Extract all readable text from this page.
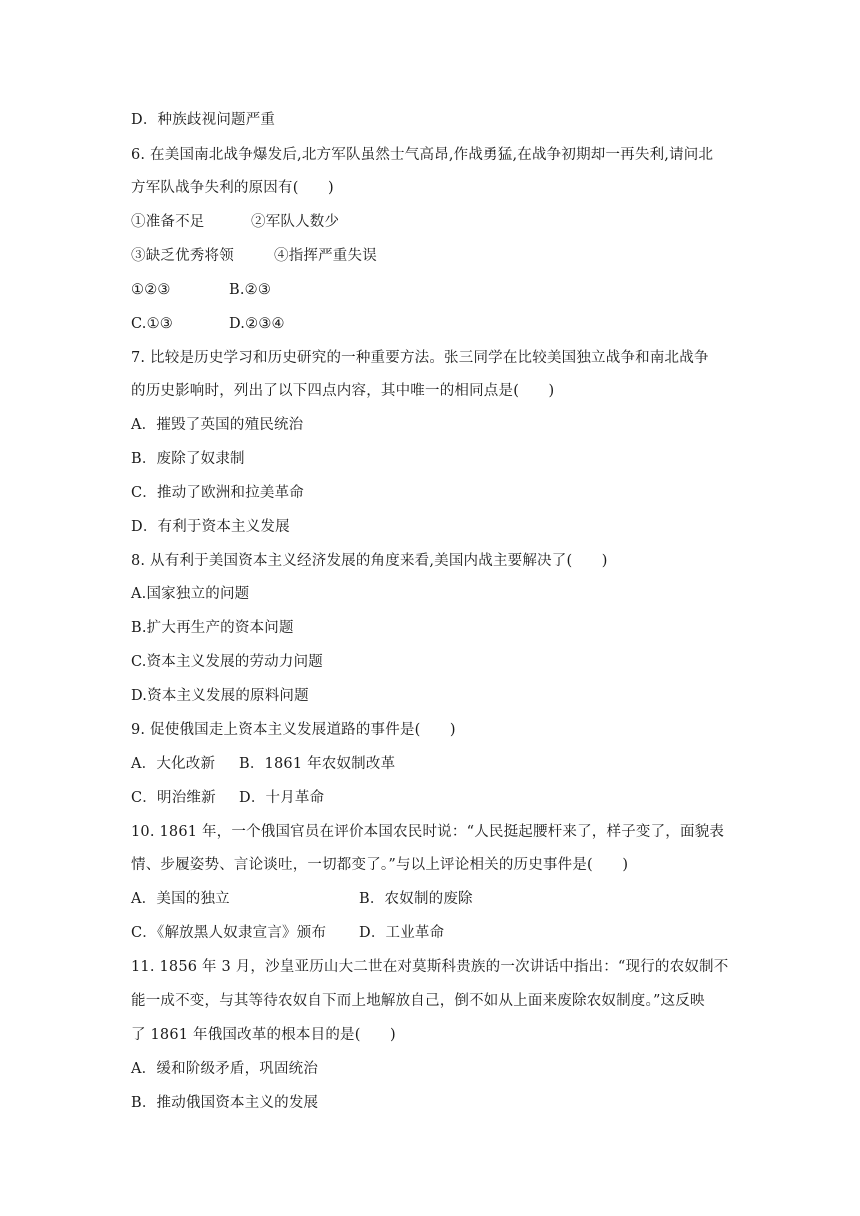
D．种族歧视问题严重
6. 在美国南北战争爆发后,北方军队虽然士气高昂,作战勇猛,在战争初期却一再失利,请问北
方军队战争失利的原因有(　　)
①准备不足	②军队人数少
③缺乏优秀将领	④指挥严重失误
①②③	B.②③
C.①③	D.②③④
7. 比较是历史学习和历史研究的一种重要方法。张三同学在比较美国独立战争和南北战争
的历史影响时，列出了以下四点内容，其中唯一的相同点是(　　)
A．摧毁了英国的殖民统治
B．废除了奴隶制
C．推动了欧洲和拉美革命
D．有利于资本主义发展
8. 从有利于美国资本主义经济发展的角度来看,美国内战主要解决了(　　)
A.国家独立的问题
B.扩大再生产的资本问题
C.资本主义发展的劳动力问题
D.资本主义发展的原料问题
9. 促使俄国走上资本主义发展道路的事件是(　　)
A．大化改新	B．1861 年农奴制改革
C．明治维新	D．十月革命
10. 1861 年，一个俄国官员在评价本国农民时说：“人民挺起腰杆来了，样子变了，面貌表
情、步履姿势、言论谈吐，一切都变了。”与以上评论相关的历史事件是(　　)
A．美国的独立	B．农奴制的废除
C．《解放黑人奴隶宣言》颁布	D．工业革命
11. 1856 年 3 月，沙皇亚历山大二世在对莫斯科贵族的一次讲话中指出：“现行的农奴制不
能一成不变，与其等待农奴自下而上地解放自己，倒不如从上面来废除农奴制度。”这反映
了 1861 年俄国改革的根本目的是(　　)
A．缓和阶级矛盾，巩固统治
B．推动俄国资本主义的发展
